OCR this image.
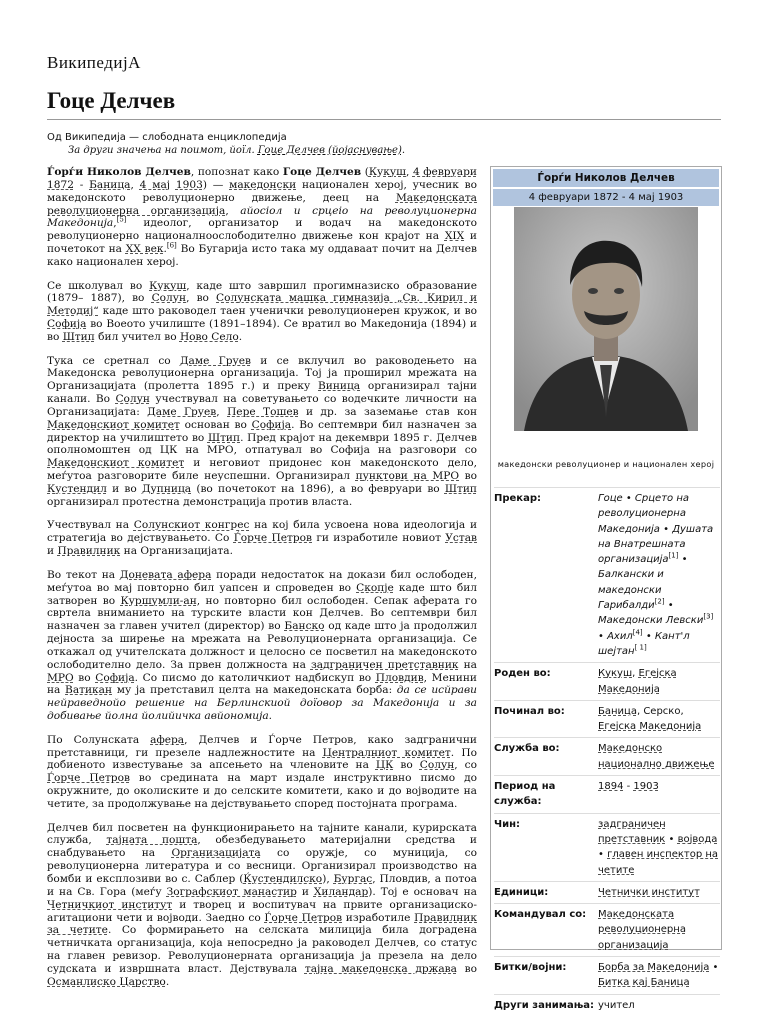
ВикипедиjА
Гоце Делчев
Од Википедија — слободната енциклопедија
За други значења на поимот, йоїл. Гоце Делчев (йојаснување).

Ѓорѓи Николов Делчев, попознат како Гоце Делчев (Кукуш, 4 февруари 1872 - Баница, 4 мај 1903) — македонски национален херој, учесник во македонското револуционерно движење, деец на Македонската револуционерна организација, айосіол и срцеіо на револуционерна Македонија,[5] идеолог, организатор и водач на македонското револуционерно националноослободително движење кон крајот на XIX и почетокот на XX век.[6] Во Бугарија исто така му оддаваат почит на Делчев како национален херој.

Се школувал во Кукуш, каде што завршил прогимназиско образование (1879– 1887), во Солун, во Солунската машка гимназија „Св. Кирил и Методиј“ каде што раководел таен ученички револуционерен кружок, и во Софија во Воеото училиште (1891–1894). Се вратил во Македонија (1894) и во Штип бил учител во Ново Село.

Тука се сретнал со Даме Груев и се вклучил во раководењето на Македонска револуционерна организација. Тој ја проширил мрежата на Организацијата (пролетта 1895 г.) и преку Виница организирал тајни канали. Во Солун учествувал на советувањето со водечките личности на Организацијата: Даме Груев, Пере Тошев и др. за заземање став кон Македонскиот комитет основан во Софија. Во септември бил назначен за директор на училиштето во Штип. Пред крајот на декември 1895 г. Делчев ополномоштен од ЦК на МРО, отпатувал во Софија на разговори со Македонскиот комитет и неговиот придонес кон македонското дело, меѓутоа разговорите биле неуспешни. Организирал пунктови на МРО во Кустендил и во Дупница (во почетокот на 1896), а во февруари во Штип организирал протестна демонстрација против власта.

Учествувал на Солунскиот конгрес на кој била усвоена нова идеологија и стратегија во дејствувањето. Со Ѓорче Петров ги изработиле новиот Устав и Правилник на Организацијата.

Во текот на Доневата афера поради недостаток на докази бил ослободен, меѓутоа во мај повторно бил уапсен и спроведен во Скопје каде што бил затворен во Куршумли-ан, но повторно бил ослободен. Сепак аферата го свртела вниманието на турските власти кон Делчев. Во септември бил назначен за главен учител (директор) во Банско од каде што ја продолжил дејноста за ширење на мрежата на Револуционерната организација. Се откажал од учителската должност и целосно се посветил на македонското ослободително дело. За првен должноста на задграничен претставник на МРО во Софија. Со писмо до католичкиот надбискуп во Пловдив, Менини на Ватикан му ја претставил целта на македонската борба: да се исйрави нейраведнойо решение на Берлинскиой доїовор за Македонија и за добивање йолна йолийичка авйономија.

По Солунската афера, Делчев и Ѓорче Петров, како задгранични претставници, ги презеле надлежностите на Централниот комитет. По добиеното известување за апсењето на членовите на ЦК во Солун, со Ѓорче Петров во средината на март издале инструктивно писмо до окружните, до околиските и до селските комитети, како и до војводите на четите, за продолжување на дејствувањето според постојната програма.

Делчев бил посветен на функционирањето на тајните канали, курирската служба, тајната пошта, обезбедувањето материјални средства и снабдувањето на Организацијата со оружје, со муниција, со револуционерна литература и со весници. Организирал производство на бомби и експлозиви во с. Саблер (Ќустендилско), Бургас, Пловдив, а потоа и на Св. Гора (меѓу Зографскиот манастир и Хиландар). Тој е основач на Четничкиот институт и творец и воспитувач на првите организациско-агитациони чети и војводи. Заедно со Ѓорче Петров изработиле Правилник за четите. Со формирањето на селската милиција била доградена четничката организација, која непосредно ја раководел Делчев, со статус на главен ревизор. Револуционерната организација ја презела на дело судската и извршната власт. Дејствувала тајна македонска држава во Османлиско Царство.

Ѓорѓи Николов Делчев
4 февруари 1872 - 4 мај 1903
македонски револуционер и национален херој
Прекар:	Гоце • Срцето на револуционерна Македонија • Душата на Внатрешната организација[1] • Балкански и македонски Гарибалди[2] • Македонски Левски[3] • Ахил[4] • Кант'л шеjтан[ 1]
Роден во:	Кукуш, Егејска Македонија
Починал во:	Баница, Серско, Егејска Македонија
Служба во:	Македонско национално движење
Период на служба:
1894 - 1903
Чин:	задграничен претставник • војвода • главен инспектор на четите
Единици:	Четнички институт
Командувал со:	Македонската револуционерна организација
Битки/војни:	Борба за Македонија • Битка кај Баница
Други занимања: учител
